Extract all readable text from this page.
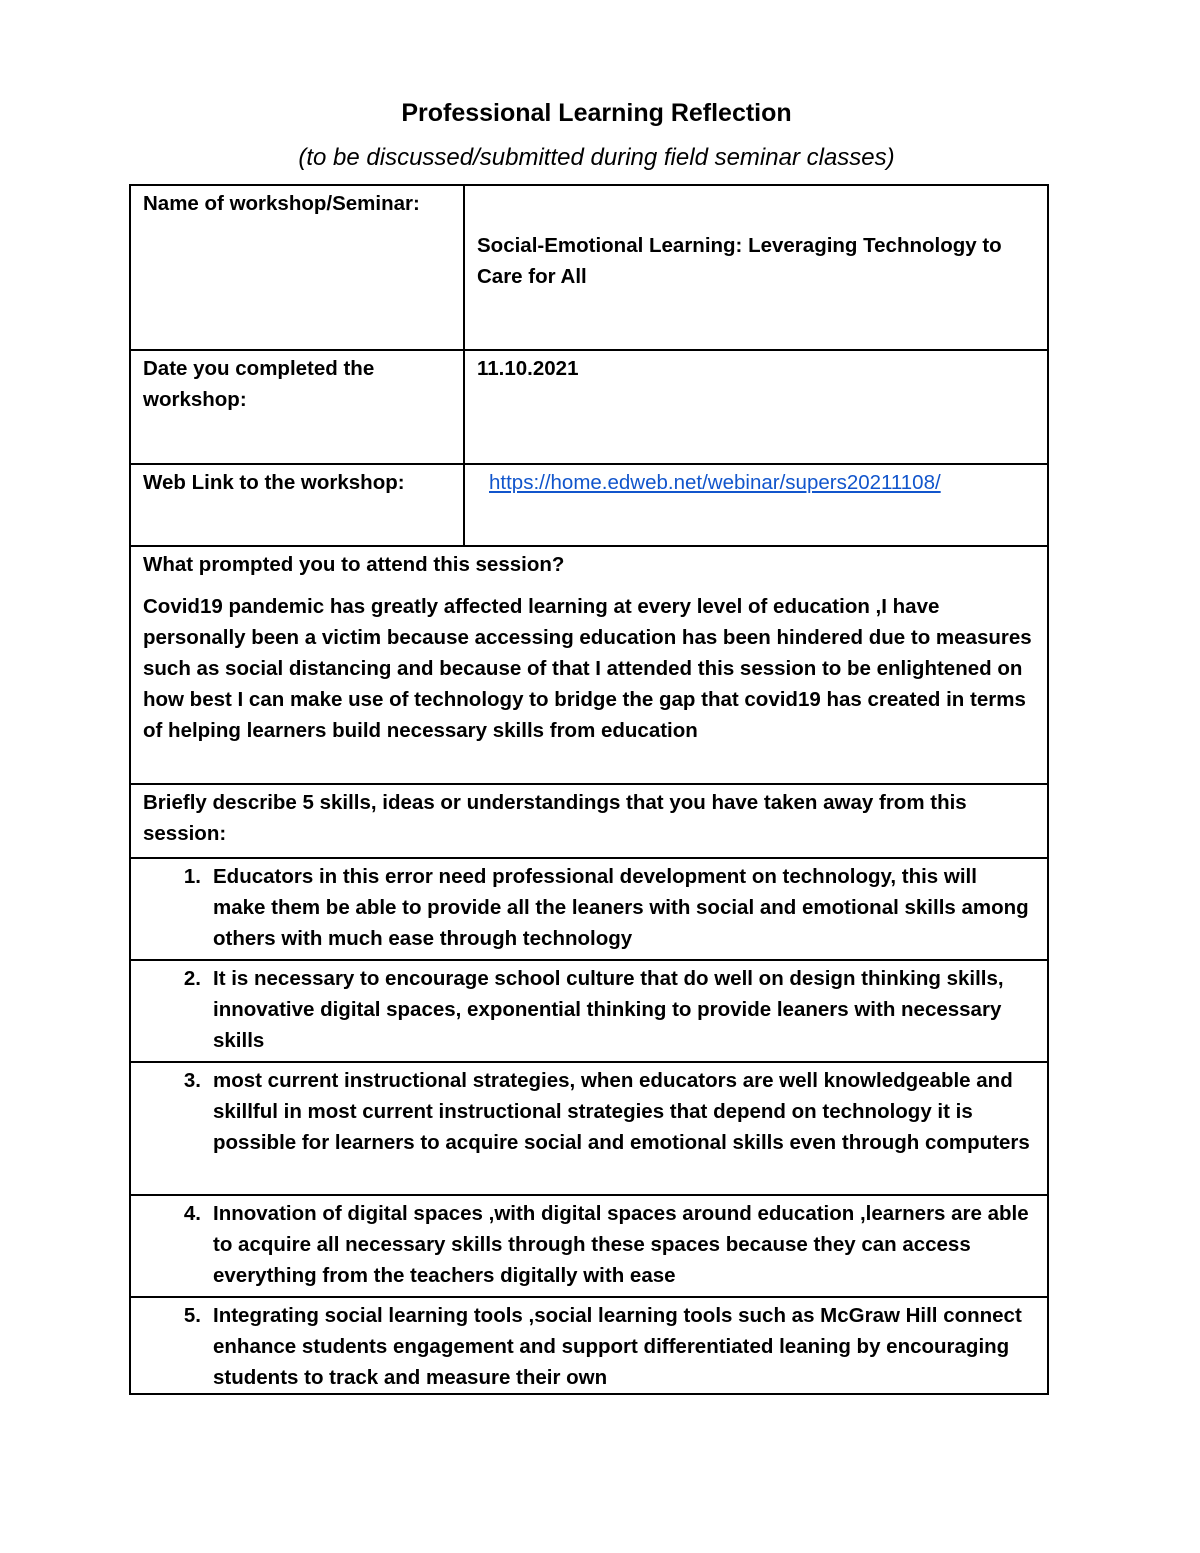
Professional Learning Reflection
(to be discussed/submitted during field seminar classes)
Name of workshop/Seminar:	Social-Emotional Learning: Leveraging Technology to Care for All

Date you completed the workshop:	11.10.2021
Web Link to the workshop:	https://home.edweb.net/webinar/supers20211108/
What prompted you to attend this session?
Covid19 pandemic has greatly affected learning at every level of education ,I have personally been a victim because accessing education has been hindered due to measures such as social distancing and because of that I attended this session to be enlightened on how best I can make use of technology to bridge the gap that covid19 has created in terms of helping learners build necessary skills from education	

Briefly describe 5 skills, ideas or understandings that you have taken away from this session:	

1. Educators in this error need professional development on technology, this will make them be able to provide all the leaners with social and emotional skills among others with much ease through technology	

2. It is necessary to encourage school culture that do well on design thinking skills, innovative digital spaces, exponential thinking to provide leaners with necessary skills	

3. most current instructional strategies, when educators are well knowledgeable and skillful in most current instructional strategies that depend on technology it is possible for learners to acquire social and emotional skills even through computers	

4. Innovation of digital spaces ,with digital spaces around education ,learners are able to acquire all necessary skills through these spaces because they can access everything from the teachers digitally with ease	

5. Integrating social learning tools ,social learning tools such as McGraw Hill connect enhance students engagement and support differentiated leaning by encouraging students to track and measure their own	
